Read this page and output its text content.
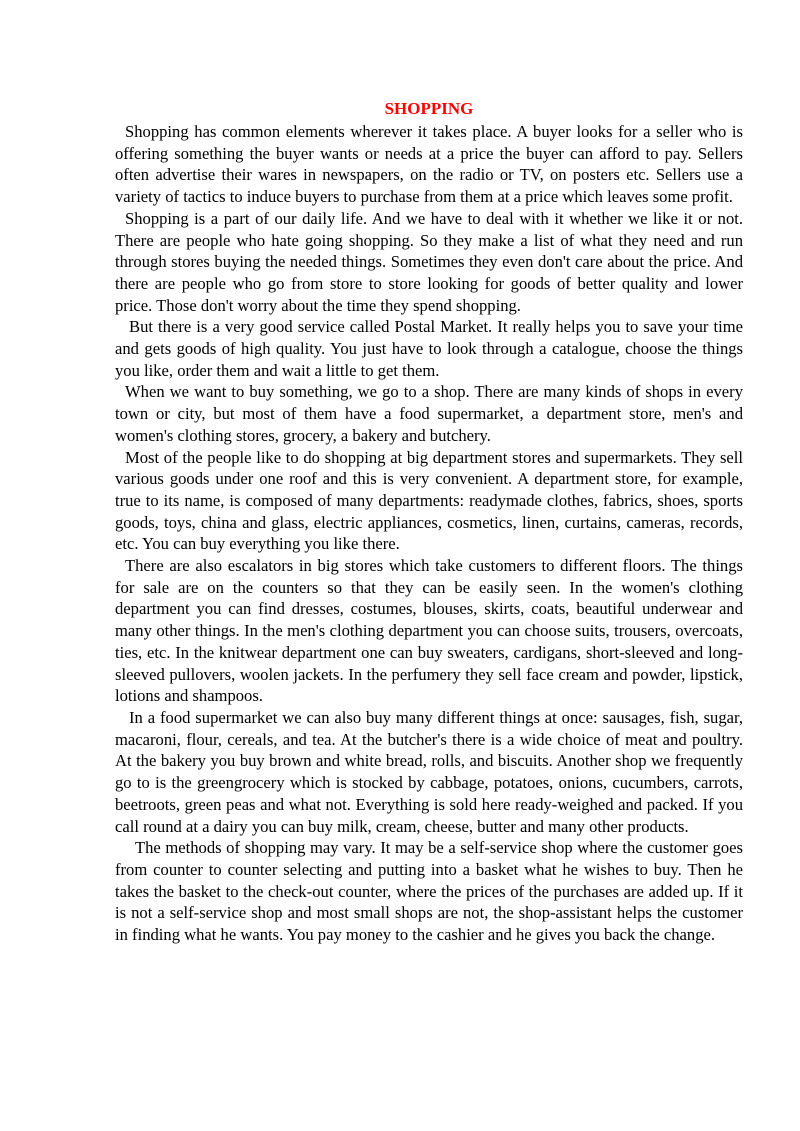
SHOPPING

Shopping has common elements wherever it takes place. A buyer looks for a seller who is offering something the buyer wants or needs at a price the buyer can afford to pay. Sellers often advertise their wares in newspapers, on the radio or TV, on posters etc. Sellers use a variety of tactics to induce buyers to purchase from them at a price which leaves some profit.

Shopping is a part of our daily life. And we have to deal with it whether we like it or not. There are people who hate going shopping. So they make a list of what they need and run through stores buying the needed things. Sometimes they even don't care about the price. And there are people who go from store to store looking for goods of better quality and lower price. Those don't worry about the time they spend shopping.

But there is a very good service called Postal Market. It really helps you to save your time and gets goods of high quality. You just have to look through a catalogue, choose the things you like, order them and wait a little to get them.

When we want to buy something, we go to a shop. There are many kinds of shops in every town or city, but most of them have a food supermarket, a department store, men's and women's clothing stores, grocery, a bakery and butchery.

Most of the people like to do shopping at big department stores and supermarkets. They sell various goods under one roof and this is very convenient. A department store, for example, true to its name, is composed of many departments: readymade clothes, fabrics, shoes, sports goods, toys, china and glass, electric appliances, cosmetics, linen, curtains, cameras, records, etc. You can buy everything you like there.

There are also escalators in big stores which take customers to different floors. The things for sale are on the counters so that they can be easily seen. In the women's clothing department you can find dresses, costumes, blouses, skirts, coats, beautiful underwear and many other things. In the men's clothing department you can choose suits, trousers, overcoats, ties, etc. In the knitwear department one can buy sweaters, cardigans, short-sleeved and long-sleeved pullovers, woolen jackets. In the perfumery they sell face cream and powder, lipstick, lotions and shampoos.

In a food supermarket we can also buy many different things at once: sausages, fish, sugar, macaroni, flour, cereals, and tea. At the butcher's there is a wide choice of meat and poultry. At the bakery you buy brown and white bread, rolls, and biscuits. Another shop we frequently go to is the greengrocery which is stocked by cabbage, potatoes, onions, cucumbers, carrots, beetroots, green peas and what not. Everything is sold here ready-weighed and packed. If you call round at a dairy you can buy milk, cream, cheese, butter and many other products.

The methods of shopping may vary. It may be a self-service shop where the customer goes from counter to counter selecting and putting into a basket what he wishes to buy. Then he takes the basket to the check-out counter, where the prices of the purchases are added up. If it is not a self-service shop and most small shops are not, the shop-assistant helps the customer in finding what he wants. You pay money to the cashier and he gives you back the change.
